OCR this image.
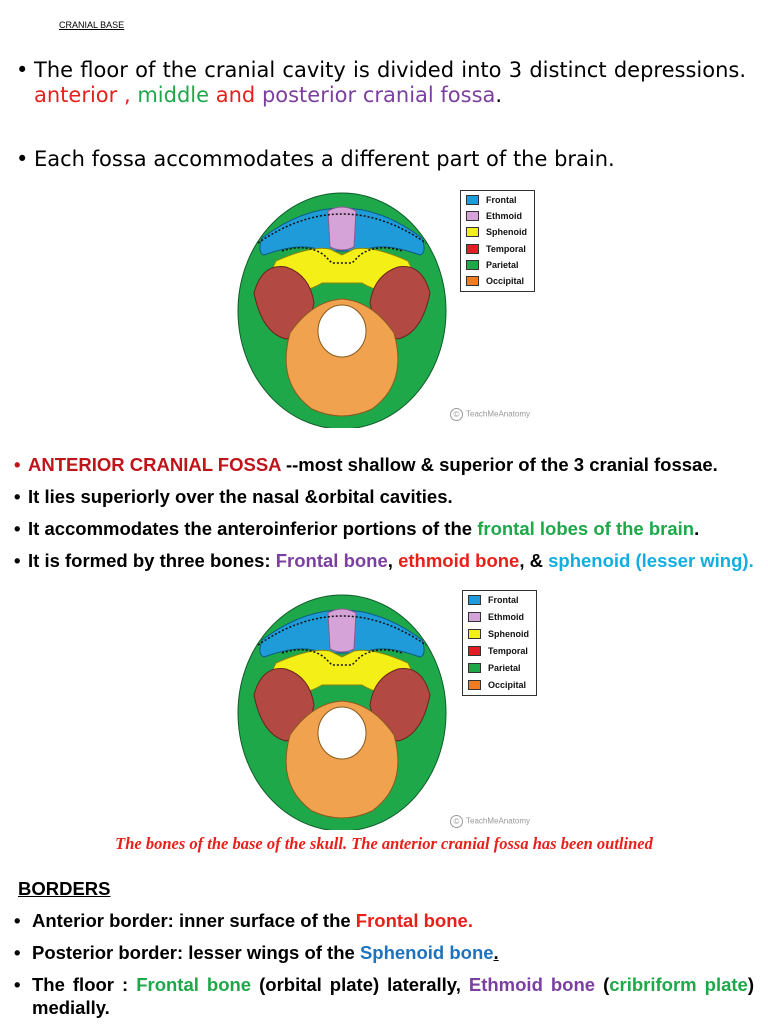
CRANIAL BASE
• The floor of the cranial cavity is divided into 3 distinct depressions. anterior , middle and posterior cranial fossa.
• Each fossa accommodates a different part of the brain.
Frontal
Ethmoid
Sphenoid
Temporal
Parietal
Occipital
© TeachMeAnatomy
• ANTERIOR CRANIAL FOSSA --most shallow & superior of the 3 cranial fossae.
• It lies superiorly over the nasal &orbital cavities.
• It accommodates the anteroinferior portions of the frontal lobes of the brain.
• It is formed by three bones: Frontal bone, ethmoid bone, & sphenoid (lesser wing).
Frontal
Ethmoid
Sphenoid
Temporal
Parietal
Occipital
© TeachMeAnatomy
The bones of the base of the skull. The anterior cranial fossa has been outlined
BORDERS
• Anterior border: inner surface of the Frontal bone.
• Posterior border: lesser wings of the Sphenoid bone.
• The floor : Frontal bone (orbital plate) laterally, Ethmoid bone (cribriform plate) medially.
